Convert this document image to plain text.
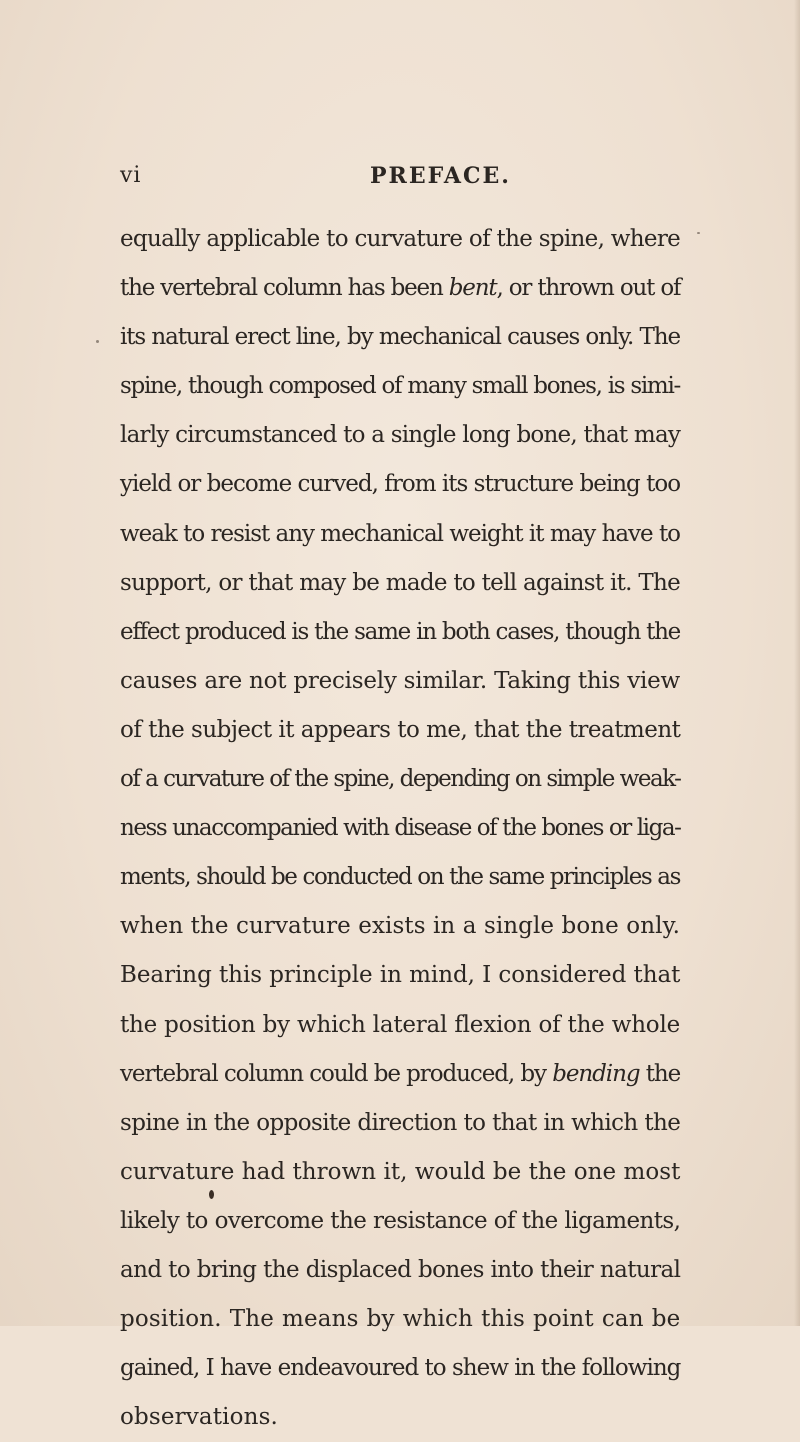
vi	PREFACE.
equally applicable to curvature of the spine, where
the vertebral column has been bent, or thrown out of
its natural erect line, by mechanical causes only. The
spine, though composed of many small bones, is simi-
larly circumstanced to a single long bone, that may
yield or become curved, from its structure being too
weak to resist any mechanical weight it may have to
support, or that may be made to tell against it. The
effect produced is the same in both cases, though the
causes are not precisely similar. Taking this view
of the subject it appears to me, that the treatment
of a curvature of the spine, depending on simple weak-
ness unaccompanied with disease of the bones or liga-
ments, should be conducted on the same principles as
when the curvature exists in a single bone only.
Bearing this principle in mind, I considered that
the position by which lateral flexion of the whole
vertebral column could be produced, by bending the
spine in the opposite direction to that in which the
curvature had thrown it, would be the one most
likely to overcome the resistance of the ligaments,
and to bring the displaced bones into their natural
position. The means by which this point can be
gained, I have endeavoured to shew in the following
observations.
